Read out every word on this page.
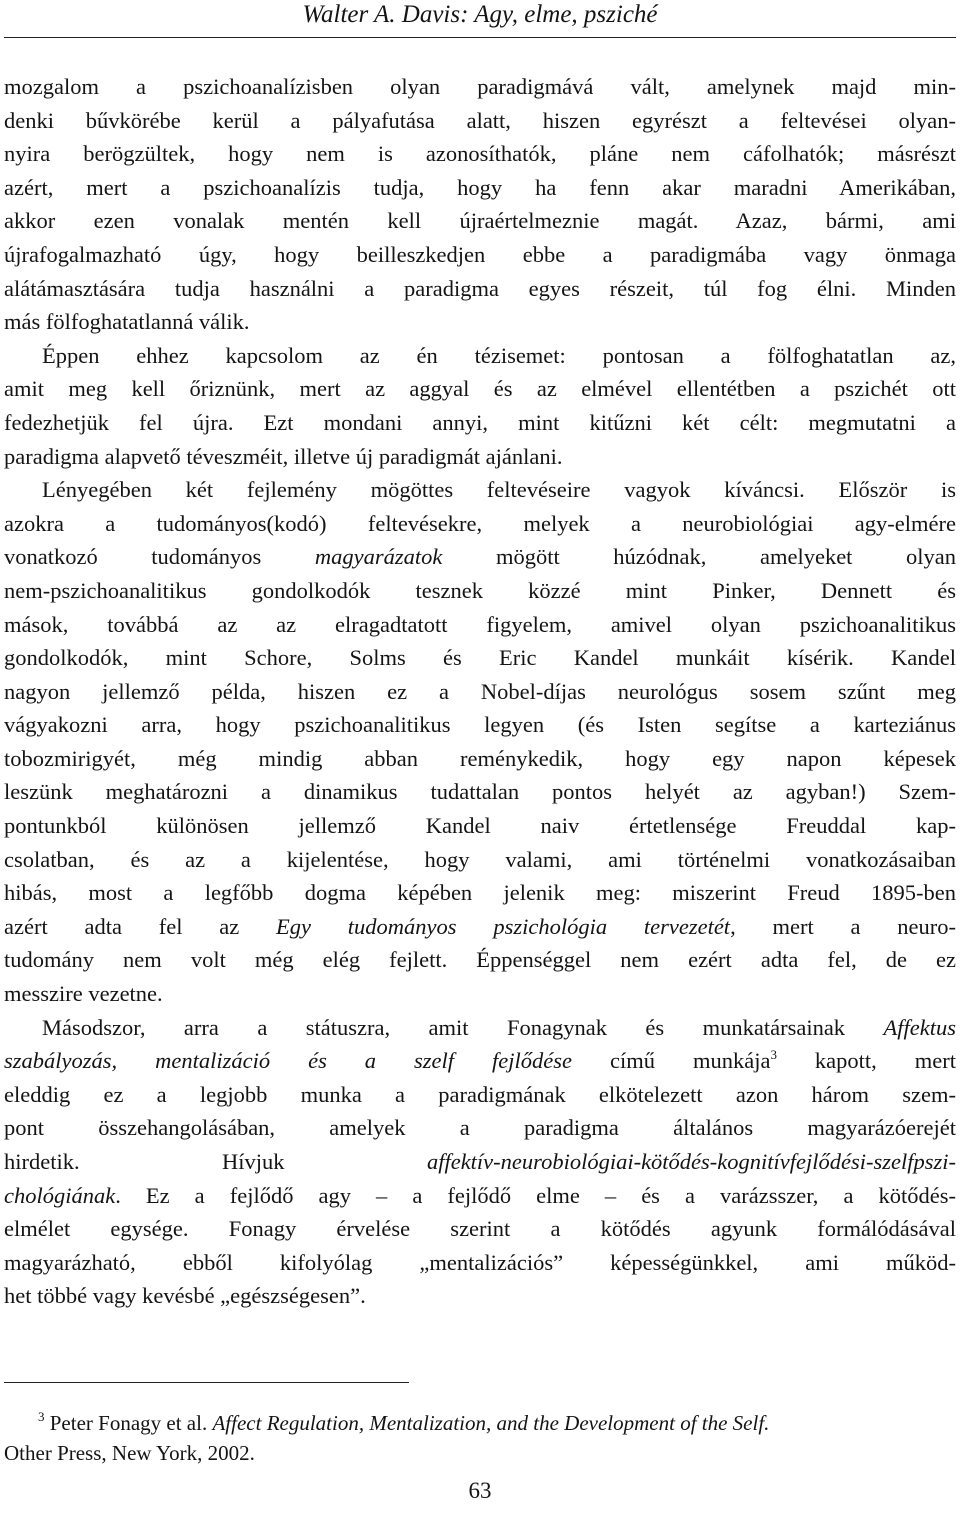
Walter A. Davis: Agy, elme, psziché
mozgalom a pszichoanalízisben olyan paradigmává vált, amelynek majd min-
denki bűvkörébe kerül a pályafutása alatt, hiszen egyrészt a feltevései olyan-
nyira berögzültek, hogy nem is azonosíthatók, pláne nem cáfolhatók; másrészt
azért, mert a pszichoanalízis tudja, hogy ha fenn akar maradni Amerikában,
akkor ezen vonalak mentén kell újraértelmeznie magát. Azaz, bármi, ami
újrafogalmazható úgy, hogy beilleszkedjen ebbe a paradigmába vagy önmaga
alátámasztására tudja használni a paradigma egyes részeit, túl fog élni. Minden
más fölfoghatatlanná válik.
Éppen ehhez kapcsolom az én tézisemet: pontosan a fölfoghatatlan az,
amit meg kell őriznünk, mert az aggyal és az elmével ellentétben a pszichét ott
fedezhetjük fel újra. Ezt mondani annyi, mint kitűzni két célt: megmutatni a
paradigma alapvető téveszméit, illetve új paradigmát ajánlani.
Lényegében két fejlemény mögöttes feltevéseire vagyok kíváncsi. Először is
azokra a tudományos(kodó) feltevésekre, melyek a neurobiológiai agy-elmére
vonatkozó tudományos magyarázatok mögött húzódnak, amelyeket olyan
nem-pszichoanalitikus gondolkodók tesznek közzé mint Pinker, Dennett és
mások, továbbá az az elragadtatott figyelem, amivel olyan pszichoanalitikus
gondolkodók, mint Schore, Solms és Eric Kandel munkáit kísérik. Kandel
nagyon jellemző példa, hiszen ez a Nobel-díjas neurológus sosem szűnt meg
vágyakozni arra, hogy pszichoanalitikus legyen (és Isten segítse a karteziánus
tobozmirigyét, még mindig abban reménykedik, hogy egy napon képesek
leszünk meghatározni a dinamikus tudattalan pontos helyét az agyban!) Szem-
pontunkból különösen jellemző Kandel naiv értetlensége Freuddal kap-
csolatban, és az a kijelentése, hogy valami, ami történelmi vonatkozásaiban
hibás, most a legfőbb dogma képében jelenik meg: miszerint Freud 1895-ben
azért adta fel az Egy tudományos pszichológia tervezetét, mert a neuro-
tudomány nem volt még elég fejlett. Éppenséggel nem ezért adta fel, de ez
messzire vezetne.
Másodszor, arra a státuszra, amit Fonagynak és munkatársainak Affektus
szabályozás, mentalizáció és a szelf fejlődése című munkája$^3$ kapott, mert
eleddig ez a legjobb munka a paradigmának elkötelezett azon három szem-
pont összehangolásában, amelyek a paradigma általános magyarázóerejét
hirdetik. Hívjuk affektív-neurobiológiai-kötődés-kognitívfejlődési-szelfpszi-
chológiának. Ez a fejlődő agy – a fejlődő elme – és a varázsszer, a kötődés-
elmélet egysége. Fonagy érvelése szerint a kötődés agyunk formálódásával
magyarázható, ebből kifolyólag „mentalizációs” képességünkkel, ami működ-
het többé vagy kevésbé „egészségesen”.
$^3$ Peter Fonagy et al. Affect Regulation, Mentalization, and the Development of the Self.
Other Press, New York, 2002.
63
